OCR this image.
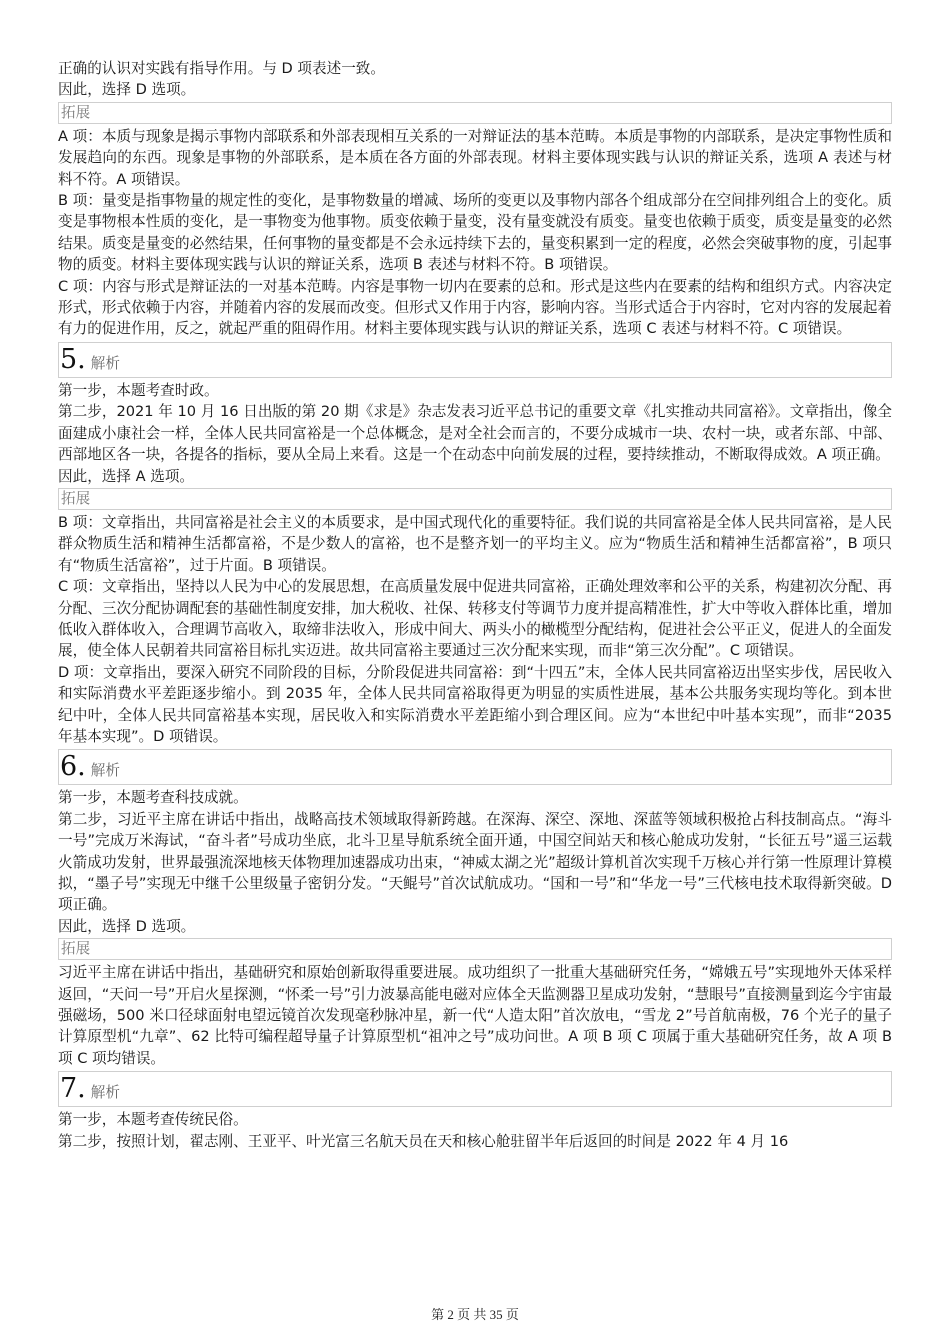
正确的认识对实践有指导作用。与 D 项表述一致。

因此，选择 D 选项。

拓展

A 项：本质与现象是揭示事物内部联系和外部表现相互关系的一对辩证法的基本范畴。本质是事物的内部联系，是决定事物性质和发展趋向的东西。现象是事物的外部联系，是本质在各方面的外部表现。材料主要体现实践与认识的辩证关系，选项 A 表述与材料不符。A 项错误。

B 项：量变是指事物量的规定性的变化，是事物数量的增减、场所的变更以及事物内部各个组成部分在空间排列组合上的变化。质变是事物根本性质的变化，是一事物变为他事物。质变依赖于量变，没有量变就没有质变。量变也依赖于质变，质变是量变的必然结果。质变是量变的必然结果，任何事物的量变都是不会永远持续下去的，量变积累到一定的程度，必然会突破事物的度，引起事物的质变。材料主要体现实践与认识的辩证关系，选项 B 表述与材料不符。B 项错误。

C 项：内容与形式是辩证法的一对基本范畴。内容是事物一切内在要素的总和。形式是这些内在要素的结构和组织方式。内容决定形式，形式依赖于内容，并随着内容的发展而改变。但形式又作用于内容，影响内容。当形式适合于内容时，它对内容的发展起着有力的促进作用，反之，就起严重的阻碍作用。材料主要体现实践与认识的辩证关系，选项 C 表述与材料不符。C 项错误。

5. 解析

第一步，本题考查时政。

第二步，2021 年 10 月 16 日出版的第 20 期《求是》杂志发表习近平总书记的重要文章《扎实推动共同富裕》。文章指出，像全面建成小康社会一样，全体人民共同富裕是一个总体概念，是对全社会而言的，不要分成城市一块、农村一块，或者东部、中部、西部地区各一块，各提各的指标，要从全局上来看。这是一个在动态中向前发展的过程，要持续推动，不断取得成效。A 项正确。

因此，选择 A 选项。

拓展

B 项：文章指出，共同富裕是社会主义的本质要求，是中国式现代化的重要特征。我们说的共同富裕是全体人民共同富裕，是人民群众物质生活和精神生活都富裕，不是少数人的富裕，也不是整齐划一的平均主义。应为“物质生活和精神生活都富裕”，B 项只有“物质生活富裕”，过于片面。B 项错误。

C 项：文章指出，坚持以人民为中心的发展思想，在高质量发展中促进共同富裕，正确处理效率和公平的关系，构建初次分配、再分配、三次分配协调配套的基础性制度安排，加大税收、社保、转移支付等调节力度并提高精准性，扩大中等收入群体比重，增加低收入群体收入，合理调节高收入，取缔非法收入，形成中间大、两头小的橄榄型分配结构，促进社会公平正义，促进人的全面发展，使全体人民朝着共同富裕目标扎实迈进。故共同富裕主要通过三次分配来实现，而非“第三次分配”。C 项错误。

D 项：文章指出，要深入研究不同阶段的目标，分阶段促进共同富裕：到“十四五”末，全体人民共同富裕迈出坚实步伐，居民收入和实际消费水平差距逐步缩小。到 2035 年，全体人民共同富裕取得更为明显的实质性进展，基本公共服务实现均等化。到本世纪中叶，全体人民共同富裕基本实现，居民收入和实际消费水平差距缩小到合理区间。应为“本世纪中叶基本实现”，而非“2035 年基本实现”。D 项错误。

6. 解析

第一步，本题考查科技成就。

第二步，习近平主席在讲话中指出，战略高技术领域取得新跨越。在深海、深空、深地、深蓝等领域积极抢占科技制高点。“海斗一号”完成万米海试，“奋斗者”号成功坐底，北斗卫星导航系统全面开通，中国空间站天和核心舱成功发射，“长征五号”遥三运载火箭成功发射，世界最强流深地核天体物理加速器成功出束，“神威太湖之光”超级计算机首次实现千万核心并行第一性原理计算模拟，“墨子号”实现无中继千公里级量子密钥分发。“天鲲号”首次试航成功。“国和一号”和“华龙一号”三代核电技术取得新突破。D 项正确。

因此，选择 D 选项。

拓展

习近平主席在讲话中指出，基础研究和原始创新取得重要进展。成功组织了一批重大基础研究任务，“嫦娥五号”实现地外天体采样返回，“天问一号”开启火星探测，“怀柔一号”引力波暴高能电磁对应体全天监测器卫星成功发射，“慧眼号”直接测量到迄今宇宙最强磁场，500 米口径球面射电望远镜首次发现毫秒脉冲星，新一代“人造太阳”首次放电，“雪龙 2”号首航南极，76 个光子的量子计算原型机“九章”、62 比特可编程超导量子计算原型机“祖冲之号”成功问世。A 项 B 项 C 项属于重大基础研究任务，故 A 项 B 项 C 项均错误。

7. 解析

第一步，本题考查传统民俗。

第二步，按照计划，翟志刚、王亚平、叶光富三名航天员在天和核心舱驻留半年后返回的时间是 2022 年 4 月 16

第 2 页 共 35 页
